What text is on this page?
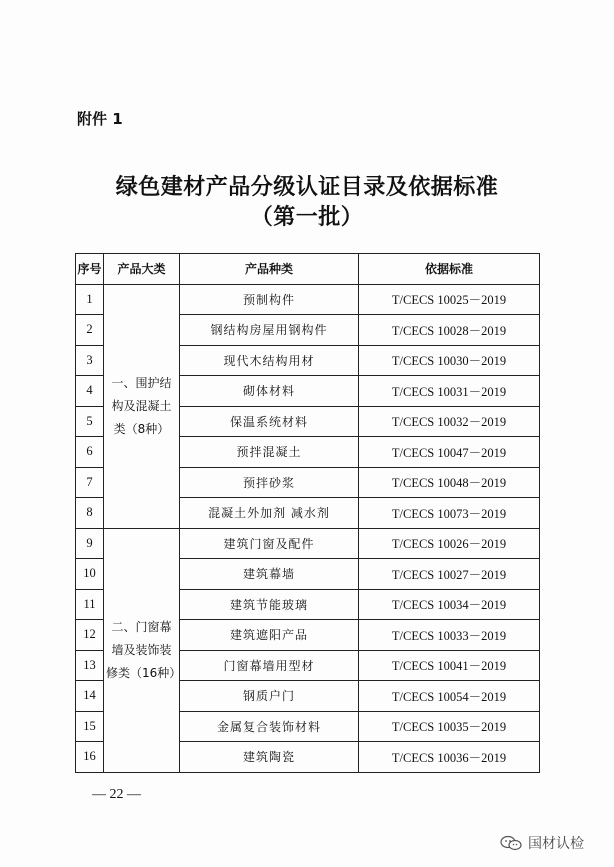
附件 1
绿色建材产品分级认证目录及依据标准
（第一批）
序号	产品大类	产品种类	依据标准
1	一、围护结构及混凝土类（8种）	预制构件	T/CECS 10025－2019
2		钢结构房屋用钢构件	T/CECS 10028－2019
3		现代木结构用材	T/CECS 10030－2019
4		砌体材料	T/CECS 10031－2019
5		保温系统材料	T/CECS 10032－2019
6		预拌混凝土	T/CECS 10047－2019
7		预拌砂浆	T/CECS 10048－2019
8		混凝土外加剂 减水剂	T/CECS 10073－2019
9	二、门窗幕墙及装饰装修类（16种）	建筑门窗及配件	T/CECS 10026－2019
10		建筑幕墙	T/CECS 10027－2019
11		建筑节能玻璃	T/CECS 10034－2019
12		建筑遮阳产品	T/CECS 10033－2019
13		门窗幕墙用型材	T/CECS 10041－2019
14		钢质户门	T/CECS 10054－2019
15		金属复合装饰材料	T/CECS 10035－2019
16		建筑陶瓷	T/CECS 10036－2019
— 22 —
国材认检
